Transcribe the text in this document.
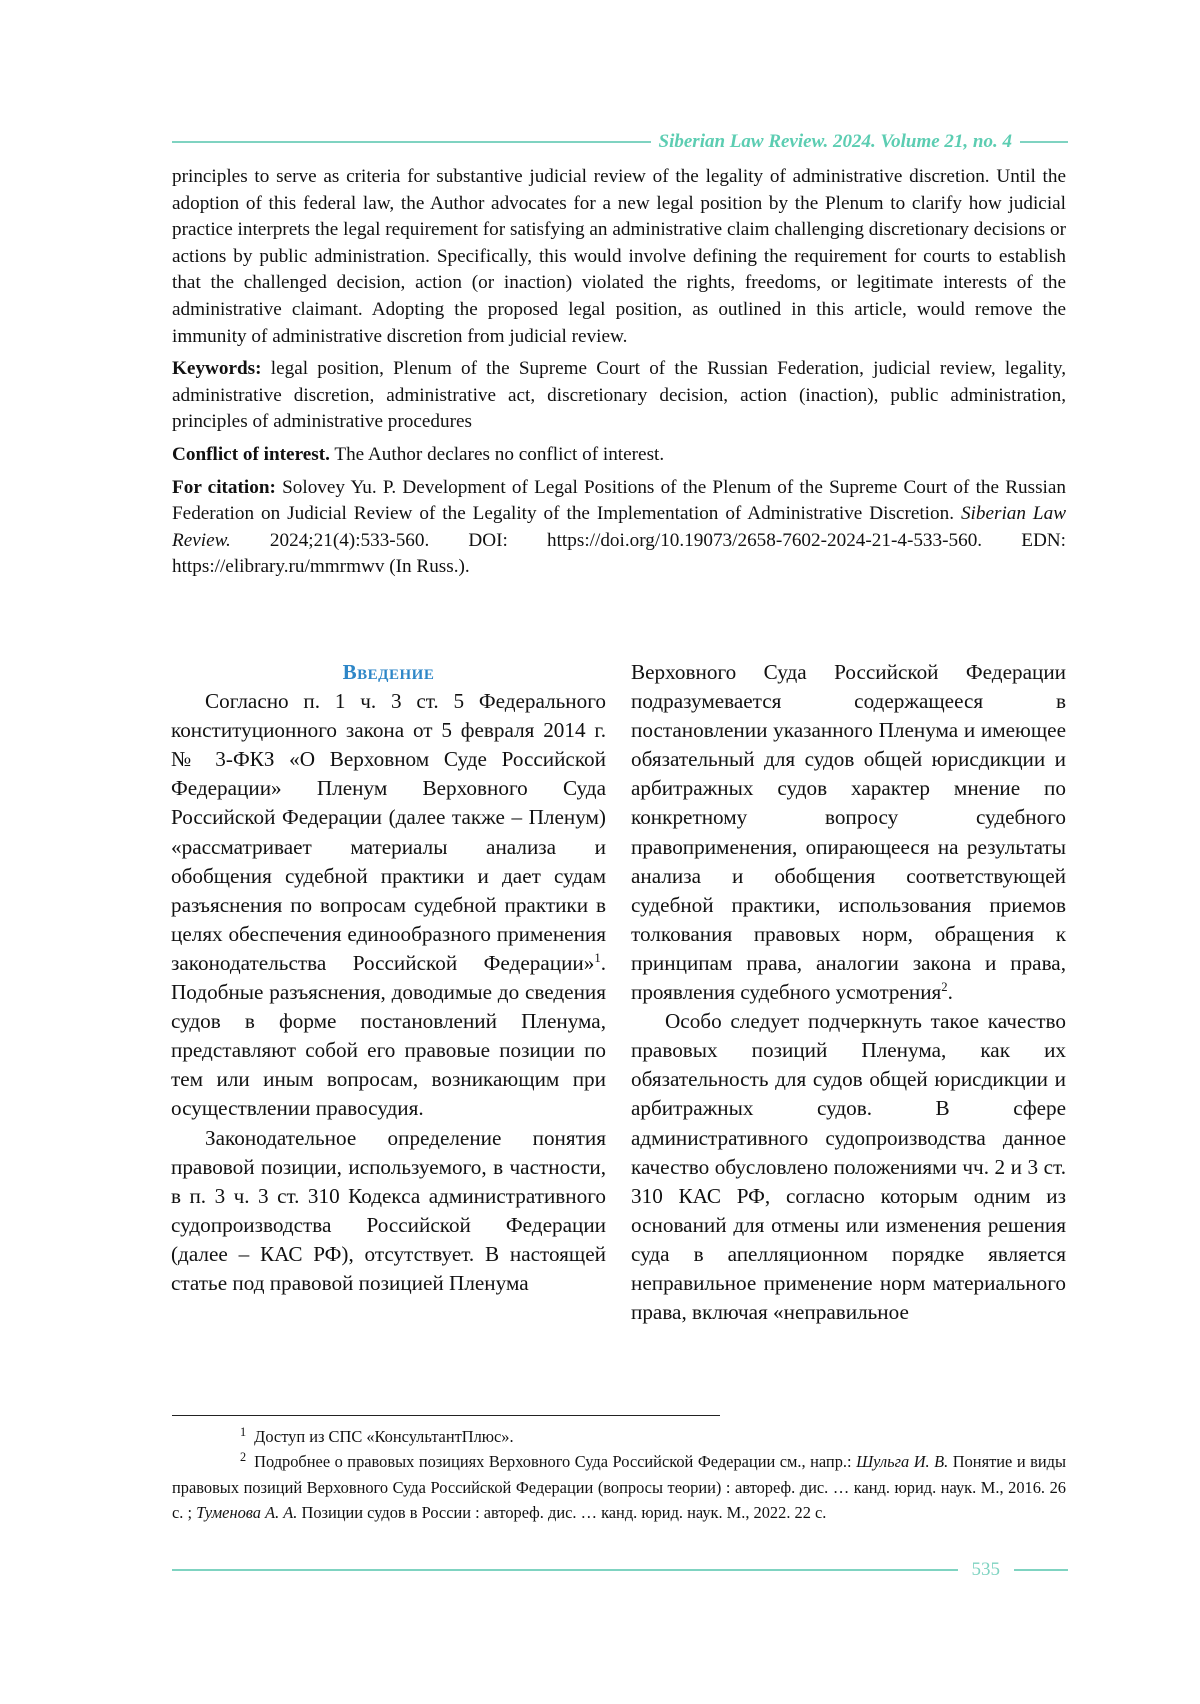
Siberian Law Review. 2024. Volume 21, no. 4

principles to serve as criteria for substantive judicial review of the legality of administrative discretion. Until the adoption of this federal law, the Author advocates for a new legal position by the Plenum to clarify how judicial practice interprets the legal requirement for satisfying an administrative claim challenging discretionary decisions or actions by public administration. Specifically, this would involve defining the requirement for courts to establish that the challenged decision, action (or inaction) violated the rights, freedoms, or legitimate interests of the administrative claimant. Adopting the proposed legal position, as outlined in this article, would remove the immunity of administrative discretion from judicial review.

Keywords: legal position, Plenum of the Supreme Court of the Russian Federation, judicial review, legality, administrative discretion, administrative act, discretionary decision, action (inaction), public administration, principles of administrative procedures

Conflict of interest. The Author declares no conflict of interest.

For citation: Solovey Yu. P. Development of Legal Positions of the Plenum of the Supreme Court of the Russian Federation on Judicial Review of the Legality of the Implementation of Administrative Discretion. Siberian Law Review. 2024;21(4):533-560. DOI: https://doi.org/10.19073/2658-7602-2024-21-4-533-560. EDN: https://elibrary.ru/mmrmwv (In Russ.).

Введение

Согласно п. 1 ч. 3 ст. 5 Федерального конституционного закона от 5 февраля 2014 г. № 3-ФКЗ «О Верховном Суде Российской Федерации» Пленум Верховного Суда Российской Федерации (далее также – Пленум) «рассматривает материалы анализа и обобщения судебной практики и дает судам разъяснения по вопросам судебной практики в целях обеспечения единообразного применения законодательства Российской Федерации»$^1$. Подобные разъяснения, доводимые до сведения судов в форме постановлений Пленума, представляют собой его правовые позиции по тем или иным вопросам, возникающим при осуществлении правосудия.

Законодательное определение понятия правовой позиции, используемого, в частности, в п. 3 ч. 3 ст. 310 Кодекса административного судопроизводства Российской Федерации (далее – КАС РФ), отсутствует. В настоящей статье под правовой позицией Пленума

Верховного Суда Российской Федерации подразумевается содержащееся в постановлении указанного Пленума и имеющее обязательный для судов общей юрисдикции и арбитражных судов характер мнение по конкретному вопросу судебного правоприменения, опирающееся на результаты анализа и обобщения соответствующей судебной практики, использования приемов толкования правовых норм, обращения к принципам права, аналогии закона и права, проявления судебного усмотрения$^2$.

Особо следует подчеркнуть такое качество правовых позиций Пленума, как их обязательность для судов общей юрисдикции и арбитражных судов. В сфере административного судопроизводства данное качество обусловлено положениями чч. 2 и 3 ст. 310 КАС РФ, согласно которым одним из оснований для отмены или изменения решения суда в апелляционном порядке является неправильное применение норм материального права, включая «неправильное

1 Доступ из СПС «КонсультантПлюс».

2 Подробнее о правовых позициях Верховного Суда Российской Федерации см., напр.: Шульга И. В. Понятие и виды правовых позиций Верховного Суда Российской Федерации (вопросы теории) : автореф. дис. … канд. юрид. наук. М., 2016. 26 с. ; Туменова А. А. Позиции судов в России : автореф. дис. … канд. юрид. наук. М., 2022. 22 с.

535
